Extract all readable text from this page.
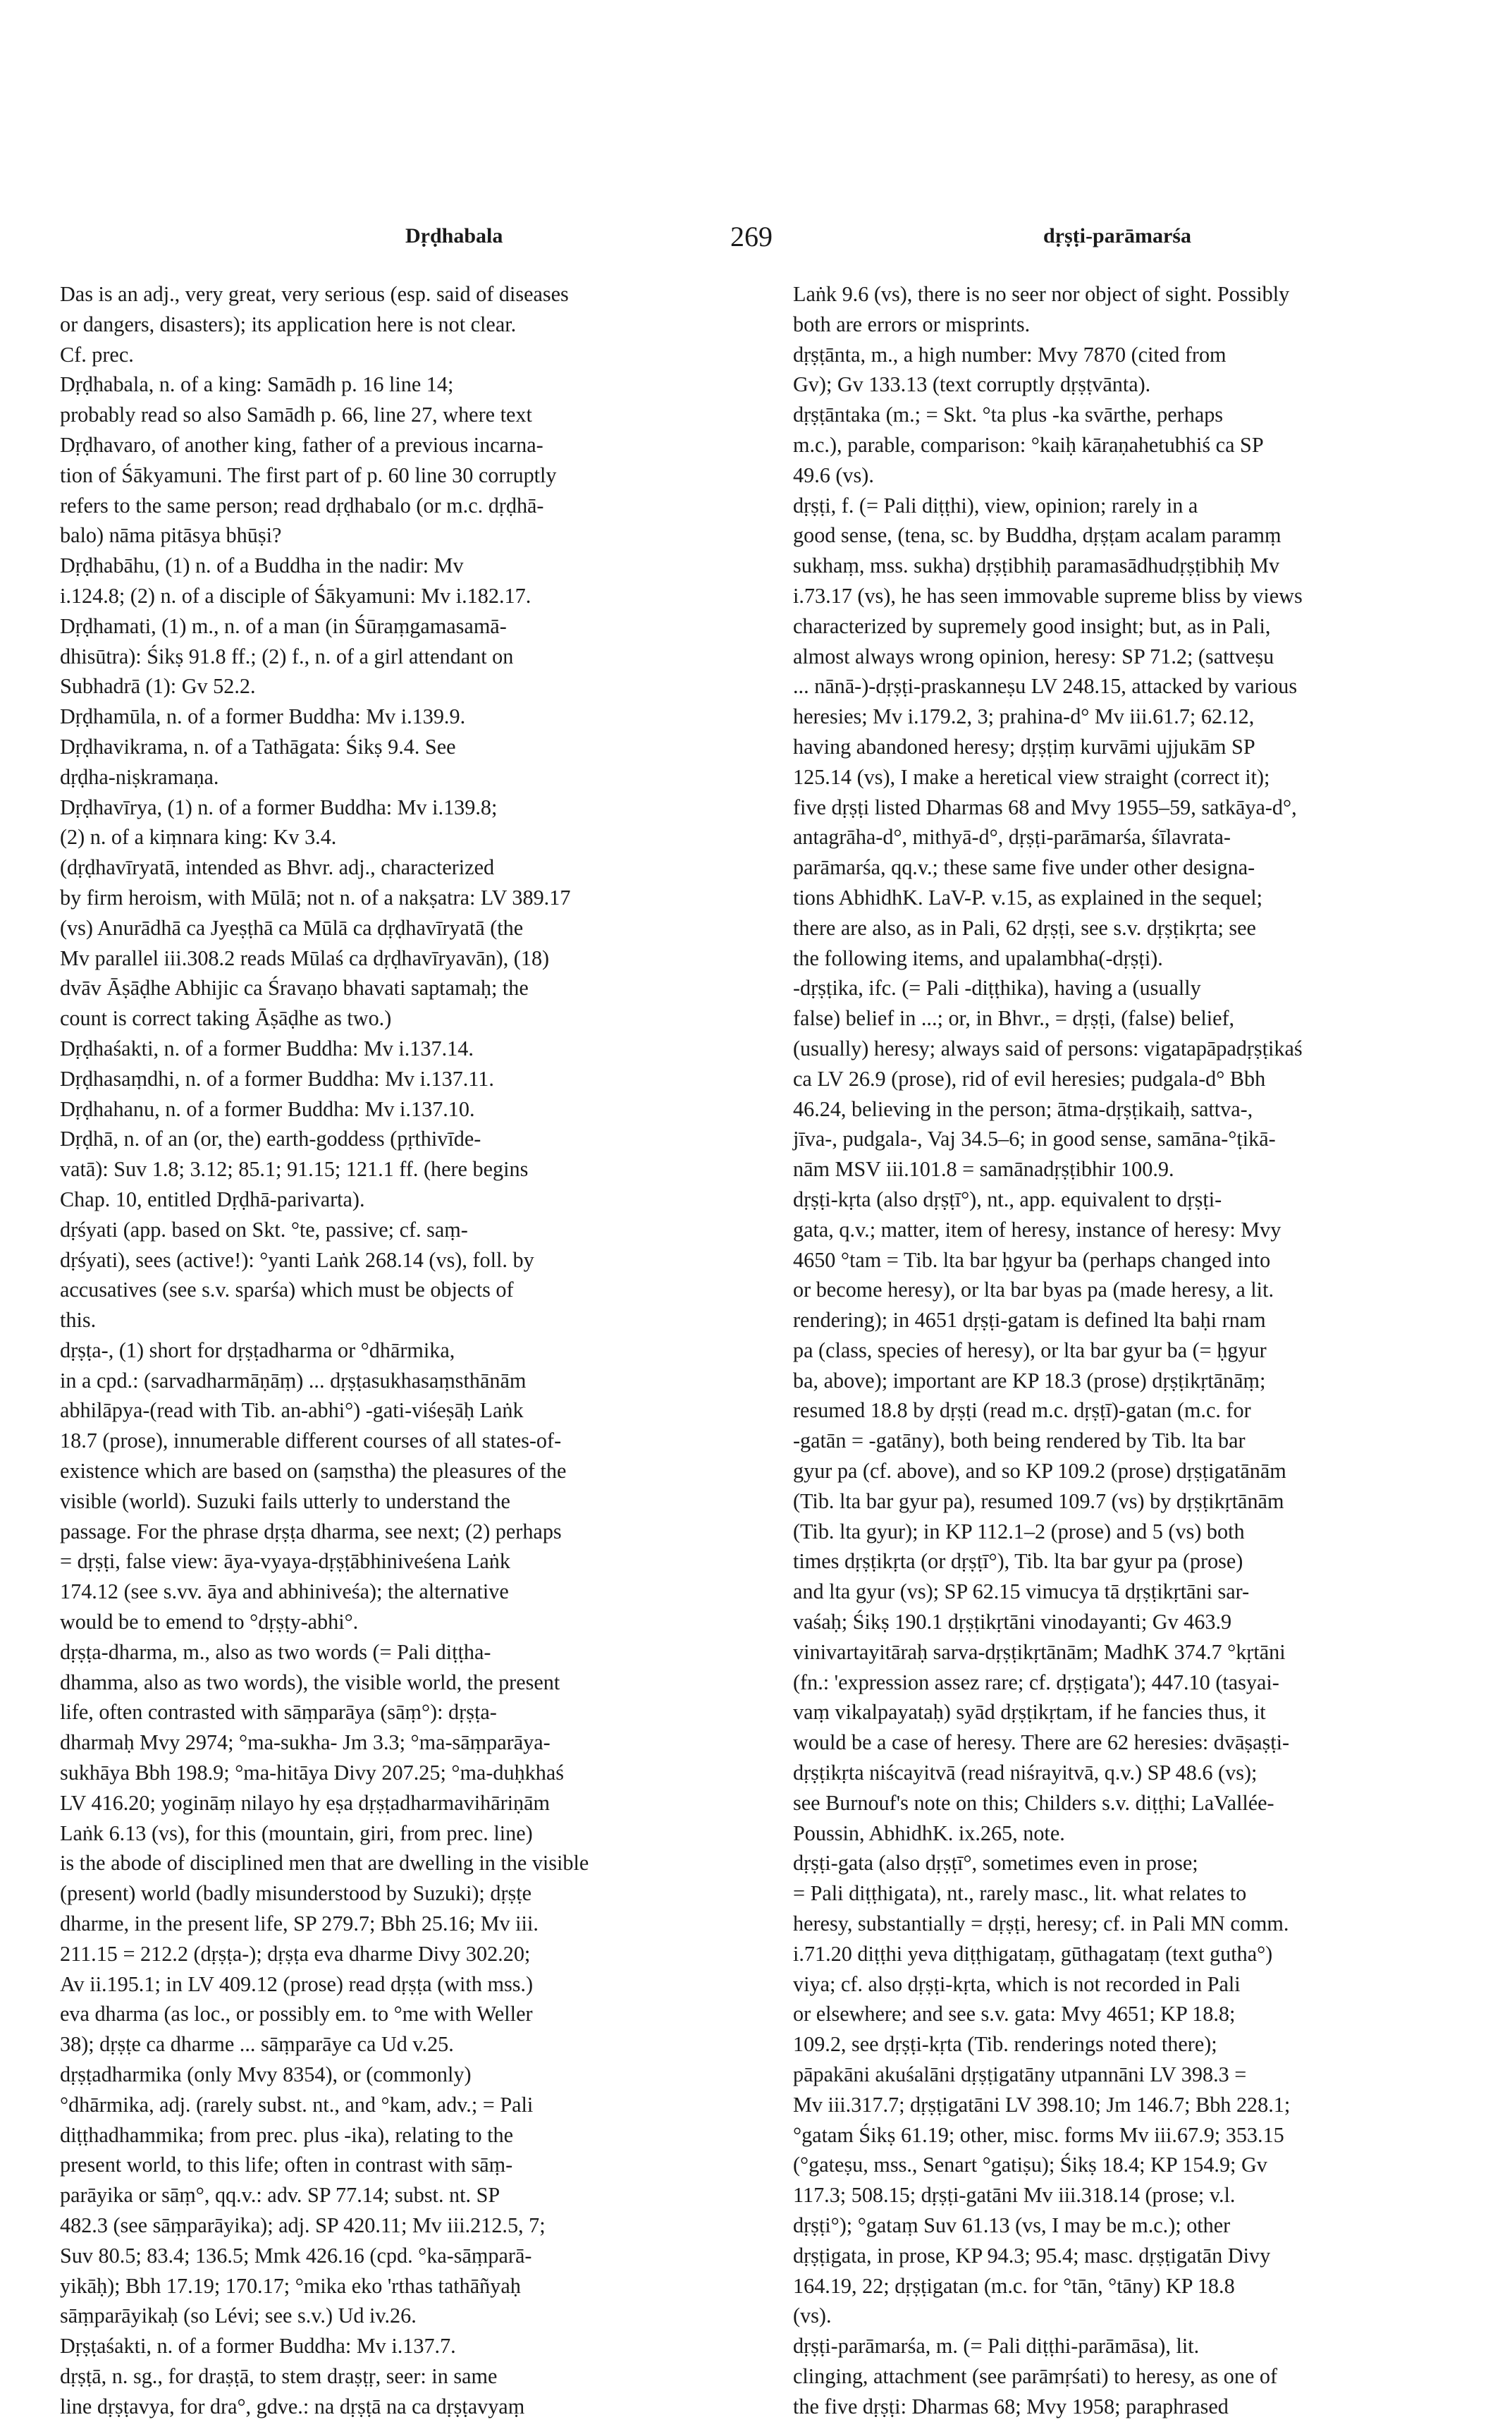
Dṛḍhabala	269	dṛṣṭi-parāmarśa
Das is an adj., very great, very serious (esp. said of diseases
or dangers, disasters); its application here is not clear.
Cf. prec.
Dṛḍhabala, n. of a king: Samādh p. 16 line 14;
probably read so also Samādh p. 66, line 27, where text
Dṛḍhavaro, of another king, father of a previous incarna-
tion of Śākyamuni. The first part of p. 60 line 30 corruptly
refers to the same person; read dṛḍhabalo (or m.c. dṛḍhā-
balo) nāma pitāsya bhūṣi?
Dṛḍhabāhu, (1) n. of a Buddha in the nadir: Mv
i.124.8; (2) n. of a disciple of Śākyamuni: Mv i.182.17.
Dṛḍhamati, (1) m., n. of a man (in Śūraṃgamasamā-
dhisūtra): Śikṣ 91.8 ff.; (2) f., n. of a girl attendant on
Subhadrā (1): Gv 52.2.
Dṛḍhamūla, n. of a former Buddha: Mv i.139.9.
Dṛḍhavikrama, n. of a Tathāgata: Śikṣ 9.4. See
dṛḍha-niṣkramaṇa.
Dṛḍhavīrya, (1) n. of a former Buddha: Mv i.139.8;
(2) n. of a kiṃnara king: Kv 3.4.
(dṛḍhavīryatā, intended as Bhvr. adj., characterized
by firm heroism, with Mūlā; not n. of a nakṣatra: LV 389.17
(vs) Anurādhā ca Jyeṣṭhā ca Mūlā ca dṛḍhavīryatā (the
Mv parallel iii.308.2 reads Mūlaś ca dṛḍhavīryavān), (18)
dvāv Āṣāḍhe Abhijic ca Śravaṇo bhavati saptamaḥ; the
count is correct taking Āṣāḍhe as two.)
Dṛḍhaśakti, n. of a former Buddha: Mv i.137.14.
Dṛḍhasaṃdhi, n. of a former Buddha: Mv i.137.11.
Dṛḍhahanu, n. of a former Buddha: Mv i.137.10.
Dṛḍhā, n. of an (or, the) earth-goddess (pṛthivīde-
vatā): Suv 1.8; 3.12; 85.1; 91.15; 121.1 ff. (here begins
Chap. 10, entitled Dṛḍhā-parivarta).
dṛśyati (app. based on Skt. °te, passive; cf. saṃ-
dṛśyati), sees (active!): °yanti Laṅk 268.14 (vs), foll. by
accusatives (see s.v. sparśa) which must be objects of
this.
dṛṣṭa-, (1) short for dṛṣṭadharma or °dhārmika,
in a cpd.: (sarvadharmāṇāṃ) ... dṛṣṭasukhasaṃsthānām
abhilāpya-(read with Tib. an-abhi°) -gati-viśeṣāḥ Laṅk
18.7 (prose), innumerable different courses of all states-of-
existence which are based on (saṃstha) the pleasures of the
visible (world). Suzuki fails utterly to understand the
passage. For the phrase dṛṣṭa dharma, see next; (2) perhaps
= dṛṣṭi, false view: āya-vyaya-dṛṣṭābhiniveśena Laṅk
174.12 (see s.vv. āya and abhiniveśa); the alternative
would be to emend to °dṛṣṭy-abhi°.
dṛṣṭa-dharma, m., also as two words (= Pali diṭṭha-
dhamma, also as two words), the visible world, the present
life, often contrasted with sāṃparāya (sāṃ°): dṛṣṭa-
dharmaḥ Mvy 2974; °ma-sukha- Jm 3.3; °ma-sāṃparāya-
sukhāya Bbh 198.9; °ma-hitāya Divy 207.25; °ma-duḥkhaś
LV 416.20; yogināṃ nilayo hy eṣa dṛṣṭadharmavihāriṇām
Laṅk 6.13 (vs), for this (mountain, giri, from prec. line)
is the abode of disciplined men that are dwelling in the visible
(present) world (badly misunderstood by Suzuki); dṛṣṭe
dharme, in the present life, SP 279.7; Bbh 25.16; Mv iii.
211.15 = 212.2 (dṛṣṭa-); dṛṣṭa eva dharme Divy 302.20;
Av ii.195.1; in LV 409.12 (prose) read dṛṣṭa (with mss.)
eva dharma (as loc., or possibly em. to °me with Weller
38); dṛṣṭe ca dharme ... sāṃparāye ca Ud v.25.
dṛṣṭadharmika (only Mvy 8354), or (commonly)
°dhārmika, adj. (rarely subst. nt., and °kam, adv.; = Pali
diṭṭhadhammika; from prec. plus -ika), relating to the
present world, to this life; often in contrast with sāṃ-
parāyika or sāṃ°, qq.v.: adv. SP 77.14; subst. nt. SP
482.3 (see sāṃparāyika); adj. SP 420.11; Mv iii.212.5, 7;
Suv 80.5; 83.4; 136.5; Mmk 426.16 (cpd. °ka-sāṃparā-
yikāḥ); Bbh 17.19; 170.17; °mika eko 'rthas tathāñyaḥ
sāṃparāyikaḥ (so Lévi; see s.v.) Ud iv.26.
Dṛṣṭaśakti, n. of a former Buddha: Mv i.137.7.
dṛṣṭā, n. sg., for draṣṭā, to stem draṣṭṛ, seer: in same
line dṛṣṭavya, for dra°, gdve.: na dṛṣṭā na ca dṛṣṭavyaṃ
Laṅk 9.6 (vs), there is no seer nor object of sight. Possibly
both are errors or misprints.
dṛṣṭānta, m., a high number: Mvy 7870 (cited from
Gv); Gv 133.13 (text corruptly dṛṣṭvānta).
dṛṣṭāntaka (m.; = Skt. °ta plus -ka svārthe, perhaps
m.c.), parable, comparison: °kaiḥ kāraṇahetubhiś ca SP
49.6 (vs).
dṛṣṭi, f. (= Pali diṭṭhi), view, opinion; rarely in a
good sense, (tena, sc. by Buddha, dṛṣṭam acalam paramṃ
sukhaṃ, mss. sukha) dṛṣṭibhiḥ paramasādhudṛṣṭibhiḥ Mv
i.73.17 (vs), he has seen immovable supreme bliss by views
characterized by supremely good insight; but, as in Pali,
almost always wrong opinion, heresy: SP 71.2; (sattveṣu
... nānā-)-dṛṣṭi-praskanneṣu LV 248.15, attacked by various
heresies; Mv i.179.2, 3; prahina-d° Mv iii.61.7; 62.12,
having abandoned heresy; dṛṣṭiṃ kurvāmi ujjukām SP
125.14 (vs), I make a heretical view straight (correct it);
five dṛṣṭi listed Dharmas 68 and Mvy 1955–59, satkāya-d°,
antagrāha-d°, mithyā-d°, dṛṣṭi-parāmarśa, śīlavrata-
parāmarśa, qq.v.; these same five under other designa-
tions AbhidhK. LaV-P. v.15, as explained in the sequel;
there are also, as in Pali, 62 dṛṣṭi, see s.v. dṛṣṭikṛta; see
the following items, and upalambha(-dṛṣṭi).
-dṛṣṭika, ifc. (= Pali -diṭṭhika), having a (usually
false) belief in ...; or, in Bhvr., = dṛṣṭi, (false) belief,
(usually) heresy; always said of persons: vigatapāpadṛṣṭikaś
ca LV 26.9 (prose), rid of evil heresies; pudgala-d° Bbh
46.24, believing in the person; ātma-dṛṣṭikaiḥ, sattva-,
jīva-, pudgala-, Vaj 34.5–6; in good sense, samāna-°ṭikā-
nām MSV iii.101.8 = samānadṛṣṭibhir 100.9.
dṛṣṭi-kṛta (also dṛṣṭī°), nt., app. equivalent to dṛṣṭi-
gata, q.v.; matter, item of heresy, instance of heresy: Mvy
4650 °tam = Tib. lta bar ḥgyur ba (perhaps changed into
or become heresy), or lta bar byas pa (made heresy, a lit.
rendering); in 4651 dṛṣṭi-gatam is defined lta baḥi rnam
pa (class, species of heresy), or lta bar gyur ba (= ḥgyur
ba, above); important are KP 18.3 (prose) dṛṣṭikṛtānāṃ;
resumed 18.8 by dṛṣṭi (read m.c. dṛṣṭī)-gatan (m.c. for
-gatān = -gatāny), both being rendered by Tib. lta bar
gyur pa (cf. above), and so KP 109.2 (prose) dṛṣṭigatānām
(Tib. lta bar gyur pa), resumed 109.7 (vs) by dṛṣṭikṛtānām
(Tib. lta gyur); in KP 112.1–2 (prose) and 5 (vs) both
times dṛṣṭikṛta (or dṛṣṭī°), Tib. lta bar gyur pa (prose)
and lta gyur (vs); SP 62.15 vimucya tā dṛṣṭikṛtāni sar-
vaśaḥ; Śikṣ 190.1 dṛṣṭikṛtāni vinodayanti; Gv 463.9
vinivartayitāraḥ sarva-dṛṣṭikṛtānām; MadhK 374.7 °kṛtāni
(fn.: 'expression assez rare; cf. dṛṣṭigata'); 447.10 (tasyai-
vaṃ vikalpayataḥ) syād dṛṣṭikṛtam, if he fancies thus, it
would be a case of heresy. There are 62 heresies: dvāṣaṣṭi-
dṛṣṭikṛta niścayitvā (read niśrayitvā, q.v.) SP 48.6 (vs);
see Burnouf's note on this; Childers s.v. diṭṭhi; LaVallée-
Poussin, AbhidhK. ix.265, note.
dṛṣṭi-gata (also dṛṣṭī°, sometimes even in prose;
= Pali diṭṭhigata), nt., rarely masc., lit. what relates to
heresy, substantially = dṛṣṭi, heresy; cf. in Pali MN comm.
i.71.20 diṭṭhi yeva diṭṭhigataṃ, gūthagataṃ (text gutha°)
viya; cf. also dṛṣṭi-kṛta, which is not recorded in Pali
or elsewhere; and see s.v. gata: Mvy 4651; KP 18.8;
109.2, see dṛṣṭi-kṛta (Tib. renderings noted there);
pāpakāni akuśalāni dṛṣṭigatāny utpannāni LV 398.3 =
Mv iii.317.7; dṛṣṭigatāni LV 398.10; Jm 146.7; Bbh 228.1;
°gatam Śikṣ 61.19; other, misc. forms Mv iii.67.9; 353.15
(°gateṣu, mss., Senart °gatiṣu); Śikṣ 18.4; KP 154.9; Gv
117.3; 508.15; dṛṣṭi-gatāni Mv iii.318.14 (prose; v.l.
dṛṣṭi°); °gataṃ Suv 61.13 (vs, I may be m.c.); other
dṛṣṭigata, in prose, KP 94.3; 95.4; masc. dṛṣṭigatān Divy
164.19, 22; dṛṣṭigatan (m.c. for °tān, °tāny) KP 18.8
(vs).
dṛṣṭi-parāmarśa, m. (= Pali diṭṭhi-parāmāsa), lit.
clinging, attachment (see parāmṛśati) to heresy, as one of
the five dṛṣṭi: Dharmas 68; Mvy 1958; paraphrased
